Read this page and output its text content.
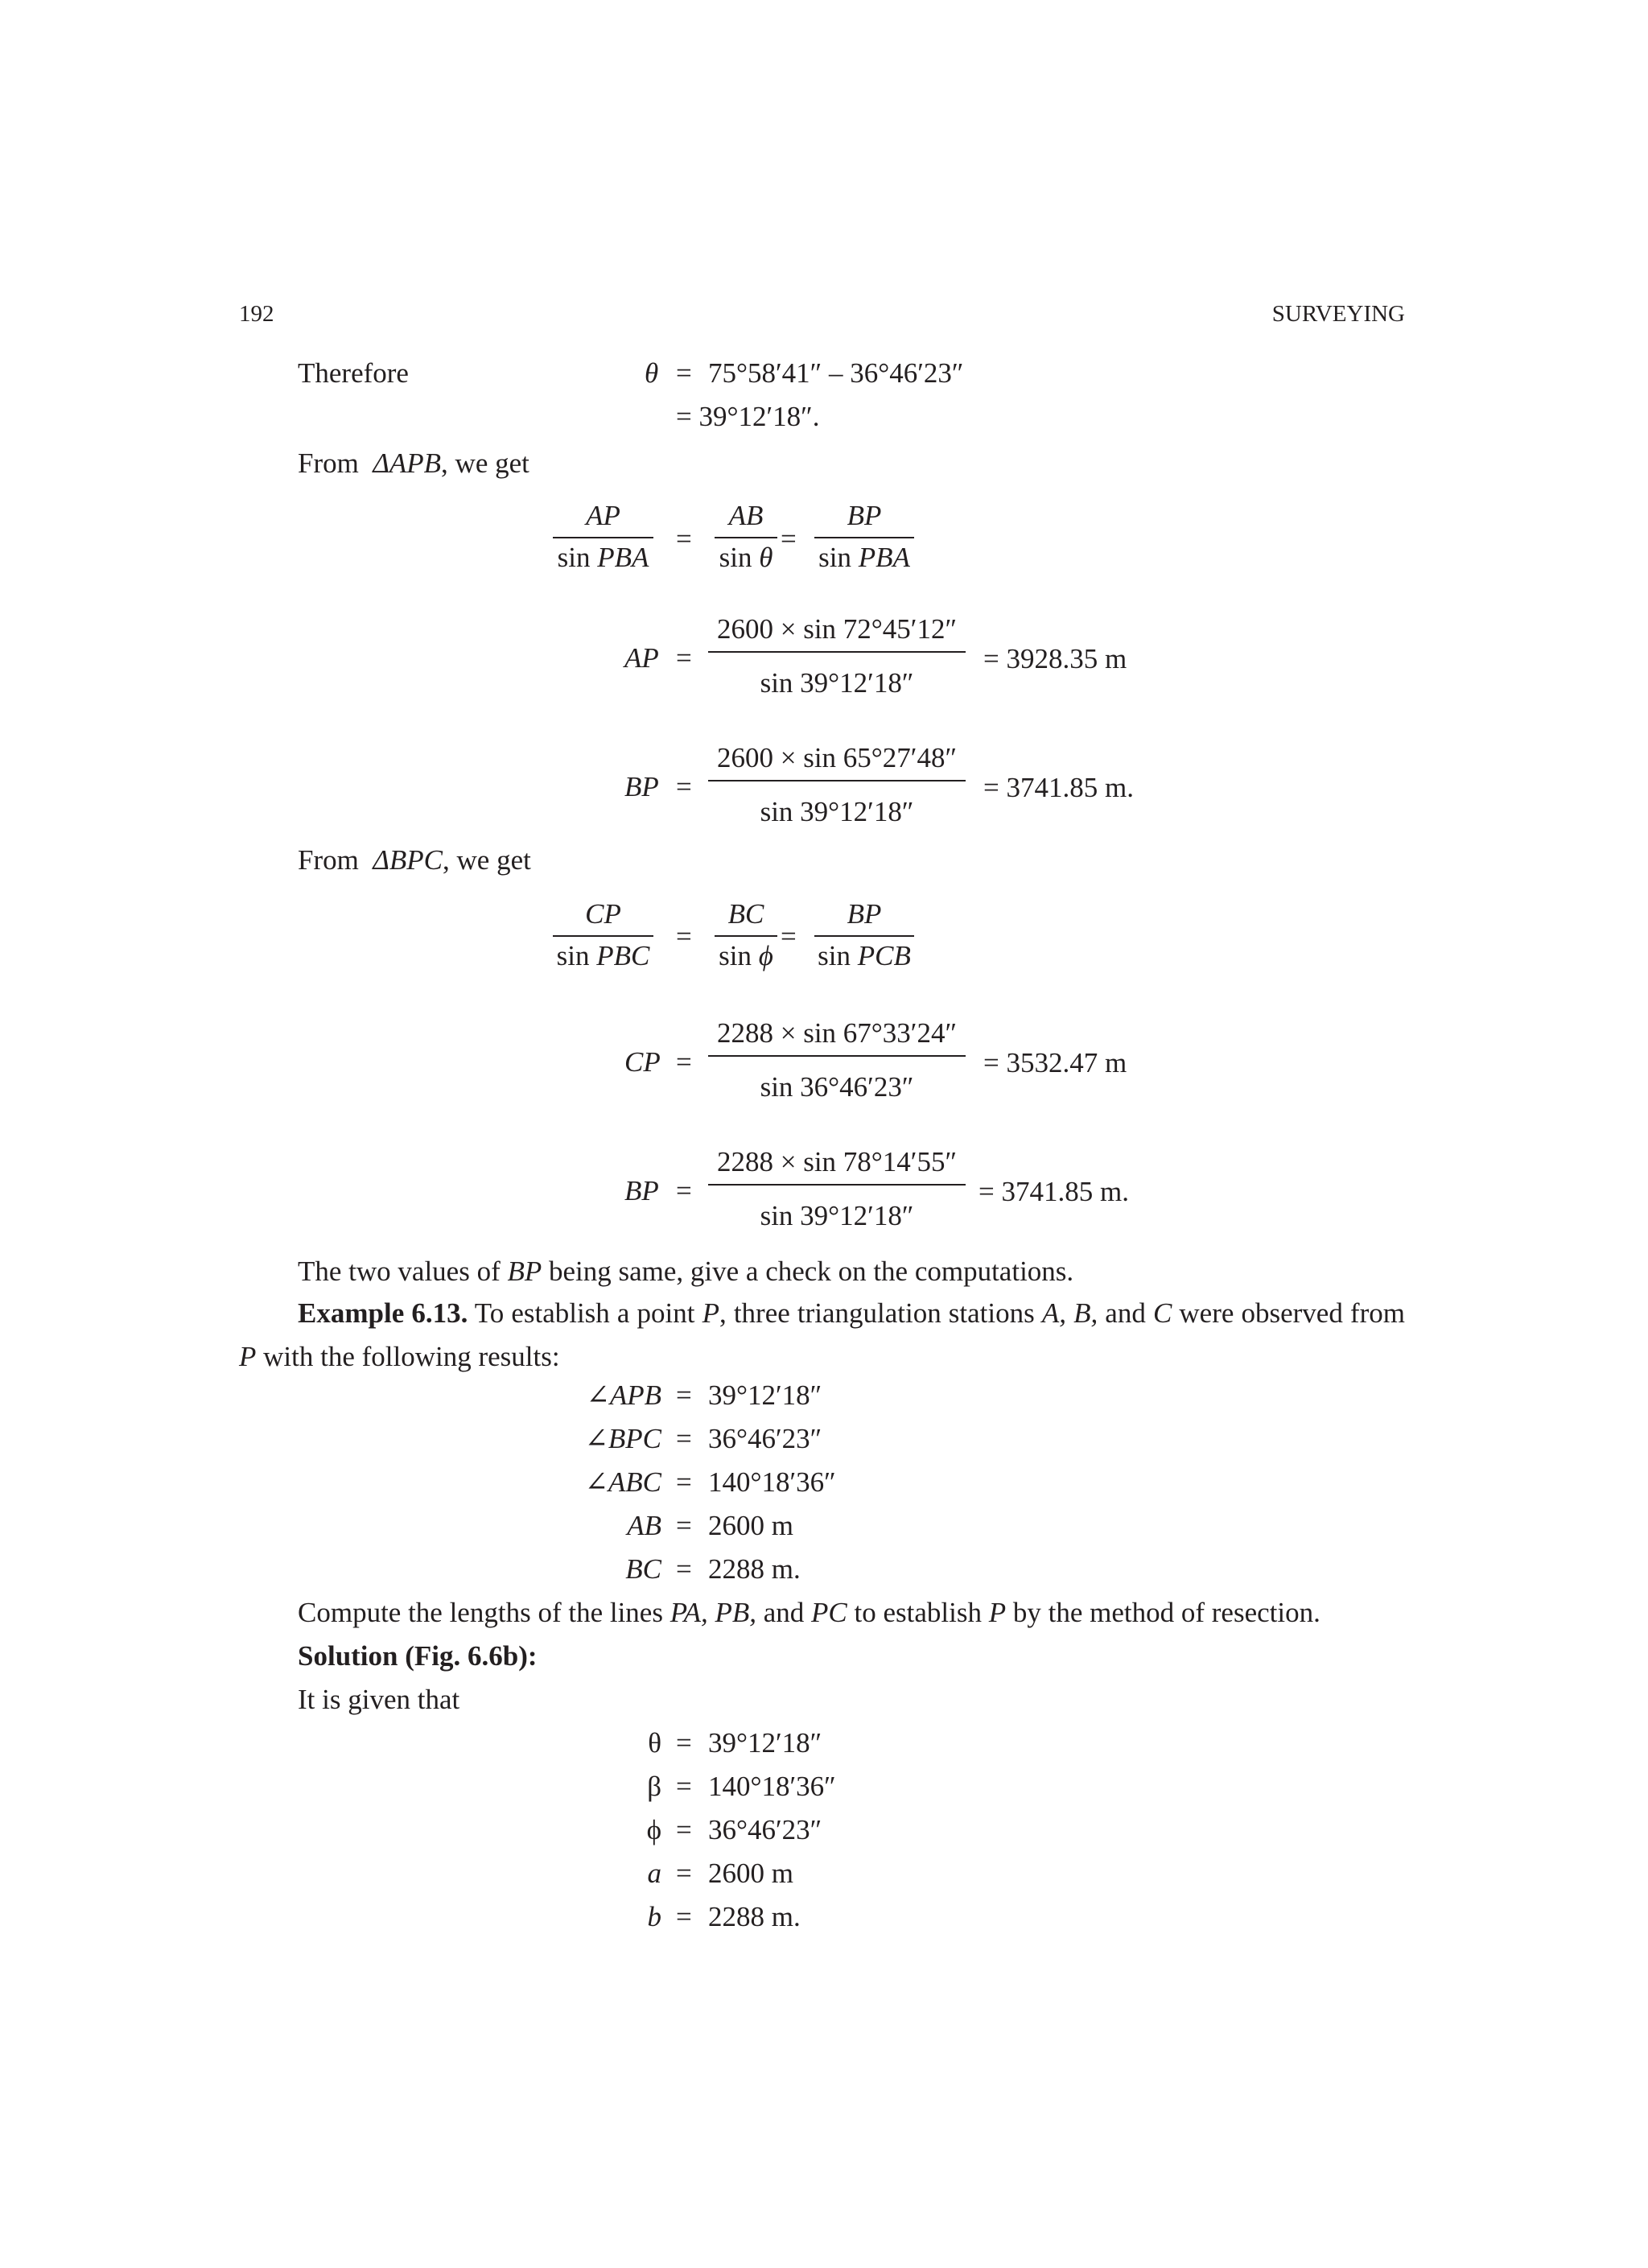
192	SURVEYING
Therefore	θ = 75°58′41″ – 36°46′23″
= 39°12′18″.
From ΔAPB, we get
AP
sin PBA
=
AB
sin θ
=
BP
sin PBA
AP =
2600 × sin 72°45′12″
sin 39°12′18″
= 3928.35 m
BP =
2600 × sin 65°27′48″
sin 39°12′18″
= 3741.85 m.
From ΔBPC, we get
CP
sin PBC
=
BC
sin ϕ
=
BP
sin PCB
CP =
2288 × sin 67°33′24″
sin 36°46′23″
= 3532.47 m
BP =
2288 × sin 78°14′55″
sin 39°12′18″
= 3741.85 m.
The two values of BP being same, give a check on the computations.
Example 6.13. To establish a point P, three triangulation stations A, B, and C were observed from P with the following results:
∠APB = 39°12′18″
∠BPC = 36°46′23″
∠ABC = 140°18′36″
AB = 2600 m
BC = 2288 m.
Compute the lengths of the lines PA, PB, and PC to establish P by the method of resection.
Solution (Fig. 6.6b):
It is given that
θ = 39°12′18″
β = 140°18′36″
ϕ = 36°46′23″
a = 2600 m
b = 2288 m.
